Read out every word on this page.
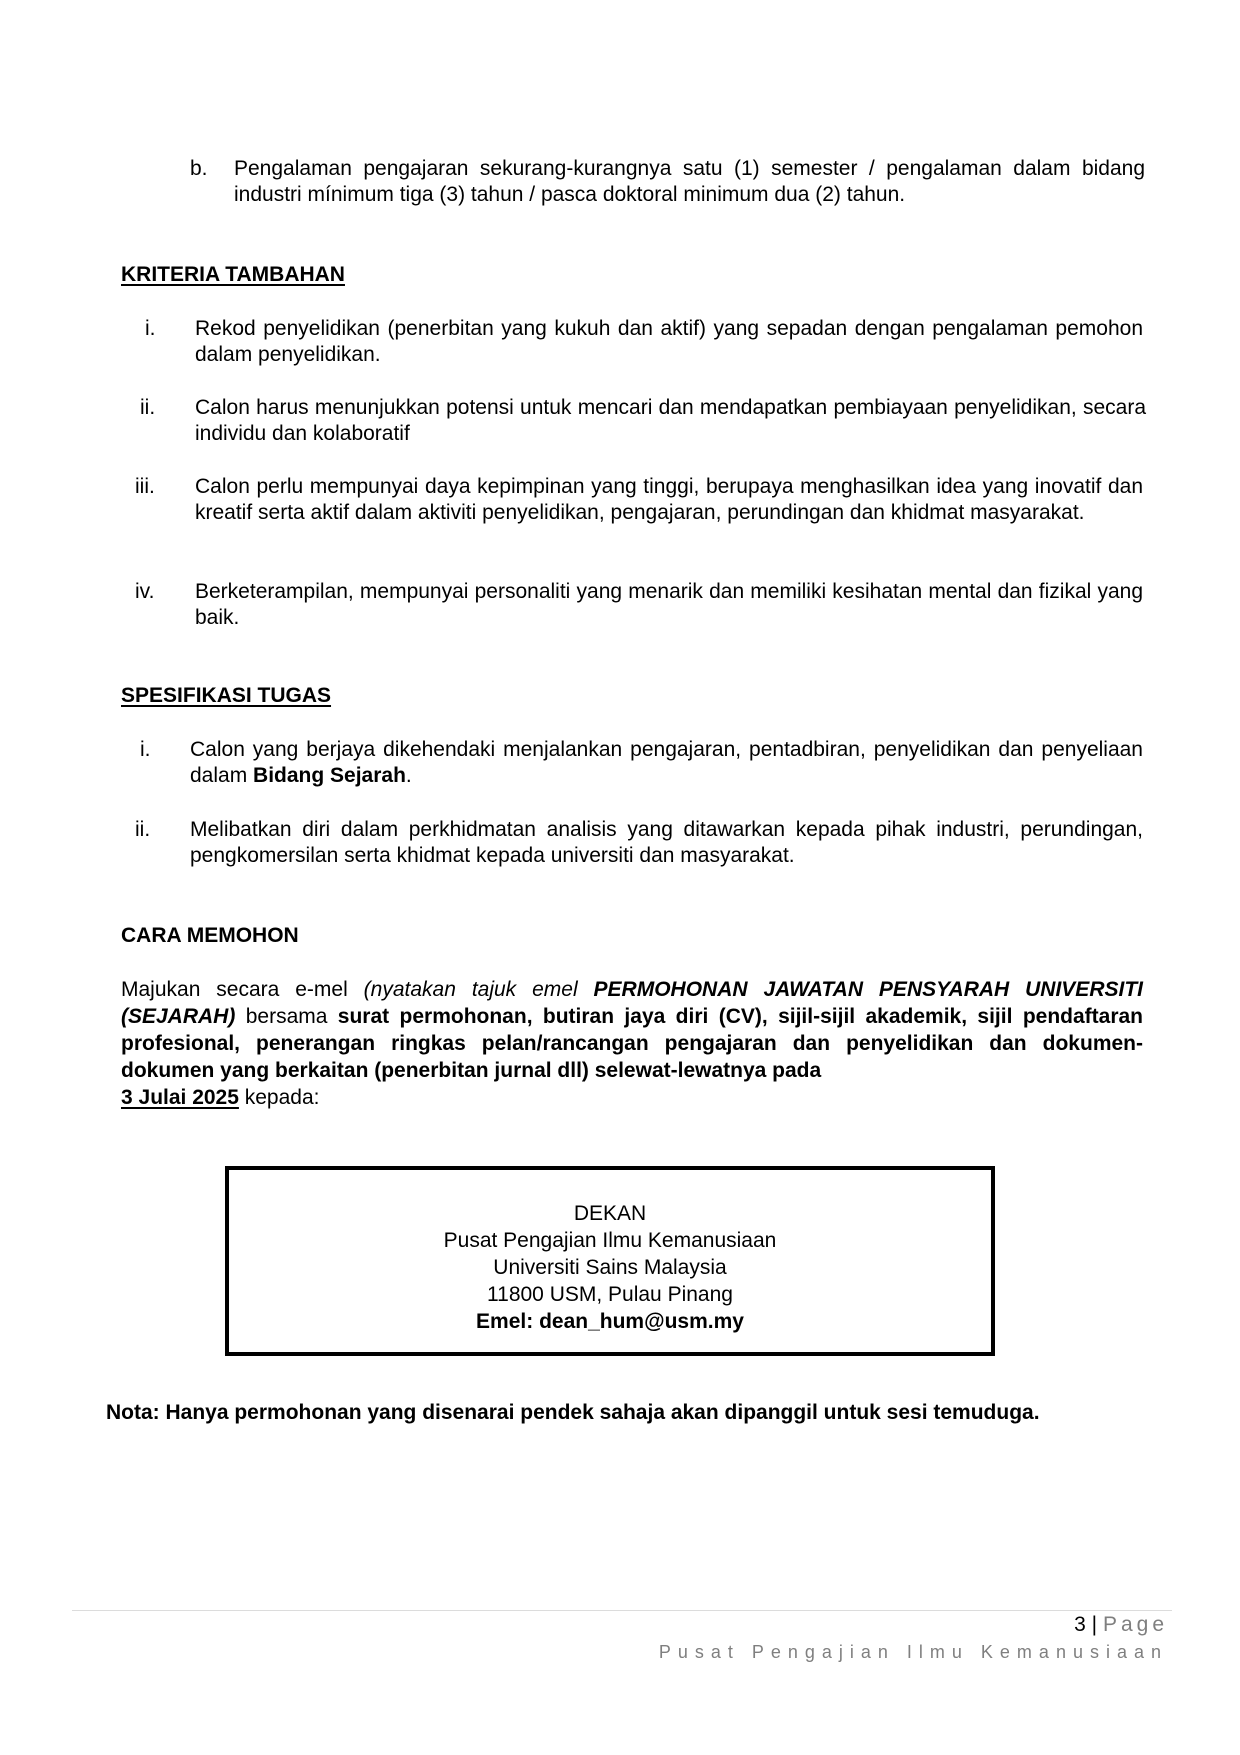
b.	Pengalaman pengajaran sekurang-kurangnya satu (1) semester / pengalaman dalam bidang industri mínimum tiga (3) tahun / pasca doktoral minimum dua (2) tahun.
KRITERIA TAMBAHAN
i.	Rekod penyelidikan (penerbitan yang kukuh dan aktif) yang sepadan dengan pengalaman pemohon dalam penyelidikan.
ii.	Calon harus menunjukkan potensi untuk mencari dan mendapatkan pembiayaan penyelidikan, secara individu dan kolaboratif
iii.	Calon perlu mempunyai daya kepimpinan yang tinggi, berupaya menghasilkan idea yang inovatif dan kreatif serta aktif dalam aktiviti penyelidikan, pengajaran, perundingan dan khidmat masyarakat.
iv.	Berketerampilan, mempunyai personaliti yang menarik dan memiliki kesihatan mental dan fizikal yang baik.
SPESIFIKASI TUGAS
i.	Calon yang berjaya dikehendaki menjalankan pengajaran, pentadbiran, penyelidikan dan penyeliaan dalam Bidang Sejarah.
ii.	Melibatkan diri dalam perkhidmatan analisis yang ditawarkan kepada pihak industri, perundingan, pengkomersilan serta khidmat kepada universiti dan masyarakat.
CARA MEMOHON
Majukan secara e-mel (nyatakan tajuk emel PERMOHONAN JAWATAN PENSYARAH UNIVERSITI (SEJARAH) bersama surat permohonan, butiran jaya diri (CV), sijil-sijil akademik, sijil pendaftaran profesional, penerangan ringkas pelan/rancangan pengajaran dan penyelidikan dan dokumen-dokumen yang berkaitan (penerbitan jurnal dll) selewat-lewatnya pada
3 Julai 2025 kepada:
DEKAN
Pusat Pengajian Ilmu Kemanusiaan
Universiti Sains Malaysia
11800 USM, Pulau Pinang
Emel: dean_hum@usm.my
Nota: Hanya permohonan yang disenarai pendek sahaja akan dipanggil untuk sesi temuduga.
3 | Page
Pusat Pengajian Ilmu Kemanusiaan
